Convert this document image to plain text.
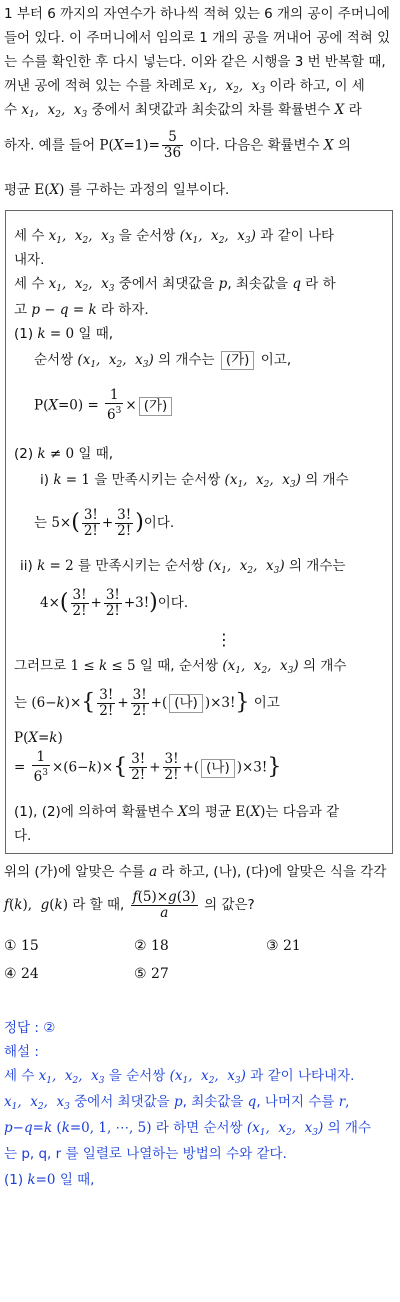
1 부터 6 까지의 자연수가 하나씩 적혀 있는 6 개의 공이 주머니에
들어 있다. 이 주머니에서 임의로 1 개의 공을 꺼내어 공에 적혀 있
는 수를 확인한 후 다시 넣는다. 이와 같은 시행을 3 번 반복할 때,
꺼낸 공에 적혀 있는 수를 차례로 $x_1$,  $x_2$,  $x_3$ 이라 하고, 이 세
수 $x_1$,  $x_2$,  $x_3$ 중에서 최댓값과 최솟값의 차를 확률변수 X 라
하자. 예를 들어 $P(X=1)= \frac{5}{36}$ 이다. 다음은 확률변수 X 의
평균 E(X) 를 구하는 과정의 일부이다.
세 수 $x_1$,  $x_2$,  $x_3$ 을 순서쌍 ($x_1$,  $x_2$,  $x_3$) 과 같이 나타
내자.
세 수 $x_1$,  $x_2$,  $x_3$ 중에서 최댓값을 p, 최솟값을 q 라 하
고 p − q = k 라 하자.
(1) k = 0 일 때,
순서쌍 ($x_1$,  $x_2$,  $x_3$) 의 개수는 (가) 이고,
$P(X=0) = \frac{1}{6^3}$ × (가)
(2) k ≠ 0 일 때,
i) k = 1 을 만족시키는 순서쌍 ($x_1$,  $x_2$,  $x_3$) 의 개수
는 $5\times( \frac{3!}{2!} + \frac{3!}{2!}$ )이다.
ii) k = 2 를 만족시키는 순서쌍 ($x_1$,  $x_2$,  $x_3$) 의 개수는
$4\times( \frac{3!}{2!} + \frac{3!}{2!} +3!)$이다.
⋮
그러므로 1 ≤ k ≤ 5 일 때, 순서쌍 ($x_1$,  $x_2$,  $x_3$) 의 개수
는 $(6-k)\times\{ \frac{3!}{2!} + \frac{3!}{2!}$ +( (나) )×3!} 이고
P(X=k)
= $\frac{1}{6^3} \times(6-k)\times\{ \frac{3!}{2!} + \frac{3!}{2!}$ +( (나) )×3!}
(1), (2)에 의하여 확률변수 X의 평균 E(X)는 다음과 같
다.
위의 (가)에 알맞은 수를 a 라 하고, (나), (다)에 알맞은 식을 각각
f(k),  g(k) 라 할 때, $\frac{f(5)\times g(3)}{a}$ 의 값은?
① 15	② 18	③ 21
④ 24	⑤ 27
정답 : ②
해설 :
세 수 $x_1$,  $x_2$,  $x_3$ 을 순서쌍 ($x_1$,  $x_2$,  $x_3$) 과 같이 나타내자.
$x_1$,  $x_2$,  $x_3$ 중에서 최댓값을 p, 최솟값을 q, 나머지 수를 r,
p−q=k (k=0, 1, ⋯, 5) 라 하면 순서쌍 ($x_1$,  $x_2$,  $x_3$) 의 개수
는 p, q, r 를 일렬로 나열하는 방법의 수와 같다.
(1) k=0 일 때,
